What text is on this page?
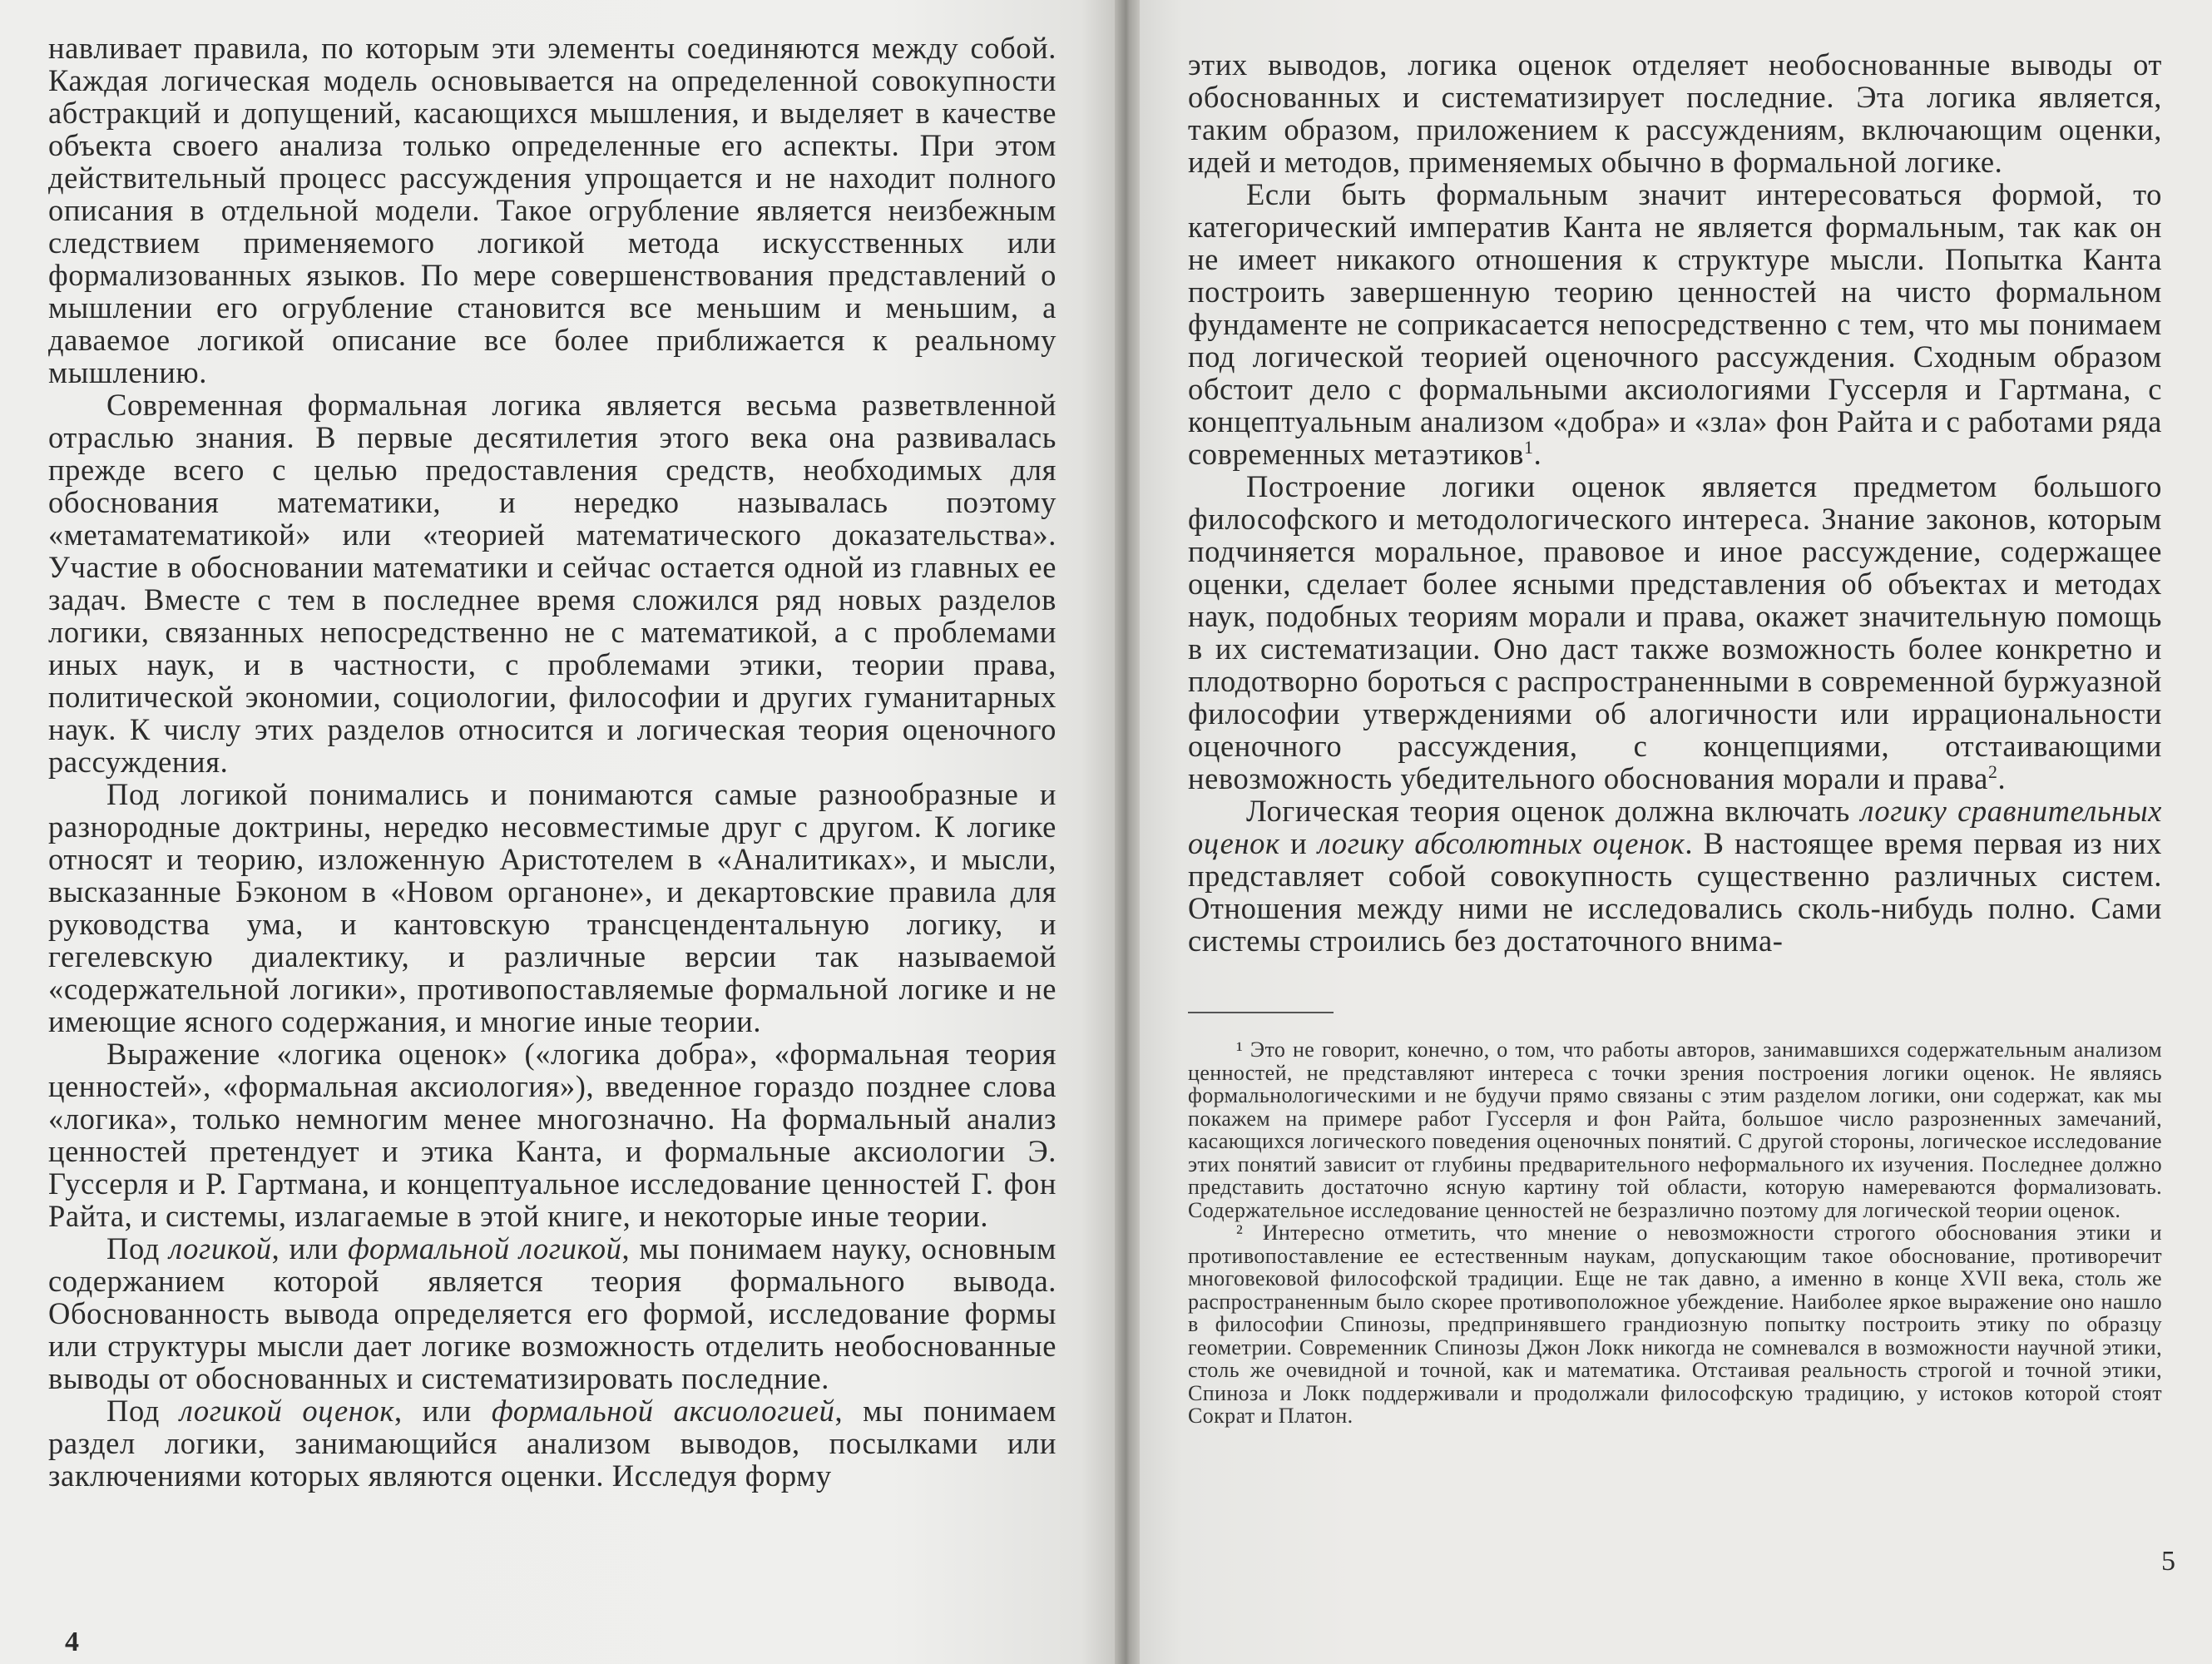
навливает правила, по которым эти элементы соединяются между собой. Каждая логическая модель основывается на определенной совокупности абстракций и допущений, касающихся мышления, и выделяет в качестве объекта своего анализа только определенные его аспекты. При этом действительный процесс рассуждения упрощается и не находит полного описания в отдельной модели. Такое огрубление является неизбежным следствием применяемого логикой метода искусственных или формализованных языков. По мере совершенствования представлений о мышлении его огрубление становится все меньшим и меньшим, а даваемое логикой описание все более приближается к реальному мышлению.

Современная формальная логика является весьма разветвленной отраслью знания. В первые десятилетия этого века она развивалась прежде всего с целью предоставления средств, необходимых для обоснования математики, и нередко называлась поэтому «метаматематикой» или «теорией математического доказательства». Участие в обосновании математики и сейчас остается одной из главных ее задач. Вместе с тем в последнее время сложился ряд новых разделов логики, связанных непосредственно не с математикой, а с проблемами иных наук, и в частности, с проблемами этики, теории права, политической экономии, социологии, философии и других гуманитарных наук. К числу этих разделов относится и логическая теория оценочного рассуждения.

Под логикой понимались и понимаются самые разнообразные и разнородные доктрины, нередко несовместимые друг с другом. К логике относят и теорию, изложенную Аристотелем в «Аналитиках», и мысли, высказанные Бэконом в «Новом органоне», и декартовские правила для руководства ума, и кантовскую трансцендентальную логику, и гегелевскую диалектику, и различные версии так называемой «содержательной логики», противопоставляемые формальной логике и не имеющие ясного содержания, и многие иные теории.

Выражение «логика оценок» («логика добра», «формальная теория ценностей», «формальная аксиология»), введенное гораздо позднее слова «логика», только немногим менее многозначно. На формальный анализ ценностей претендует и этика Канта, и формальные аксиологии Э. Гуссерля и Р. Гартмана, и концептуальное исследование ценностей Г. фон Райта, и системы, излагаемые в этой книге, и некоторые иные теории.

Под логикой, или формальной логикой, мы понимаем науку, основным содержанием которой является теория формального вывода. Обоснованность вывода определяется его формой, исследование формы или структуры мысли дает логике возможность отделить необоснованные выводы от обоснованных и систематизировать последние.

Под логикой оценок, или формальной аксиологией, мы понимаем раздел логики, занимающийся анализом выводов, посылками или заключениями которых являются оценки. Исследуя форму

4

этих выводов, логика оценок отделяет необоснованные выводы от обоснованных и систематизирует последние. Эта логика является, таким образом, приложением к рассуждениям, включающим оценки, идей и методов, применяемых обычно в формальной логике.

Если быть формальным значит интересоваться формой, то категорический императив Канта не является формальным, так как он не имеет никакого отношения к структуре мысли. Попытка Канта построить завершенную теорию ценностей на чисто формальном фундаменте не соприкасается непосредственно с тем, что мы понимаем под логической теорией оценочного рассуждения. Сходным образом обстоит дело с формальными аксиологиями Гуссерля и Гартмана, с концептуальным анализом «добра» и «зла» фон Райта и с работами ряда современных метаэтиков$^1$.

Построение логики оценок является предметом большого философского и методологического интереса. Знание законов, которым подчиняется моральное, правовое и иное рассуждение, содержащее оценки, сделает более ясными представления об объектах и методах наук, подобных теориям морали и права, окажет значительную помощь в их систематизации. Оно даст также возможность более конкретно и плодотворно бороться с распространенными в современной буржуазной философии утверждениями об алогичности или иррациональности оценочного рассуждения, с концепциями, отстаивающими невозможность убедительного обоснования морали и права$^2$.

Логическая теория оценок должна включать логику сравнительных оценок и логику абсолютных оценок. В настоящее время первая из них представляет собой совокупность существенно различных систем. Отношения между ними не исследовались сколь-нибудь полно. Сами системы строились без достаточного внима-

¹ Это не говорит, конечно, о том, что работы авторов, занимавшихся содержательным анализом ценностей, не представляют интереса с точки зрения построения логики оценок. Не являясь формальнологическими и не будучи прямо связаны с этим разделом логики, они содержат, как мы покажем на примере работ Гуссерля и фон Райта, большое число разрозненных замечаний, касающихся логического поведения оценочных понятий. С другой стороны, логическое исследование этих понятий зависит от глубины предварительного неформального их изучения. Последнее должно представить достаточно ясную картину той области, которую намереваются формализовать. Содержательное исследование ценностей не безразлично поэтому для логической теории оценок.

² Интересно отметить, что мнение о невозможности строгого обоснования этики и противопоставление ее естественным наукам, допускающим такое обоснование, противоречит многовековой философской традиции. Еще не так давно, а именно в конце XVII века, столь же распространенным было скорее противоположное убеждение. Наиболее яркое выражение оно нашло в философии Спинозы, предпринявшего грандиозную попытку построить этику по образцу геометрии. Современник Спинозы Джон Локк никогда не сомневался в возможности научной этики, столь же очевидной и точной, как и математика. Отстаивая реальность строгой и точной этики, Спиноза и Локк поддерживали и продолжали философскую традицию, у истоков которой стоят Сократ и Платон.

5
